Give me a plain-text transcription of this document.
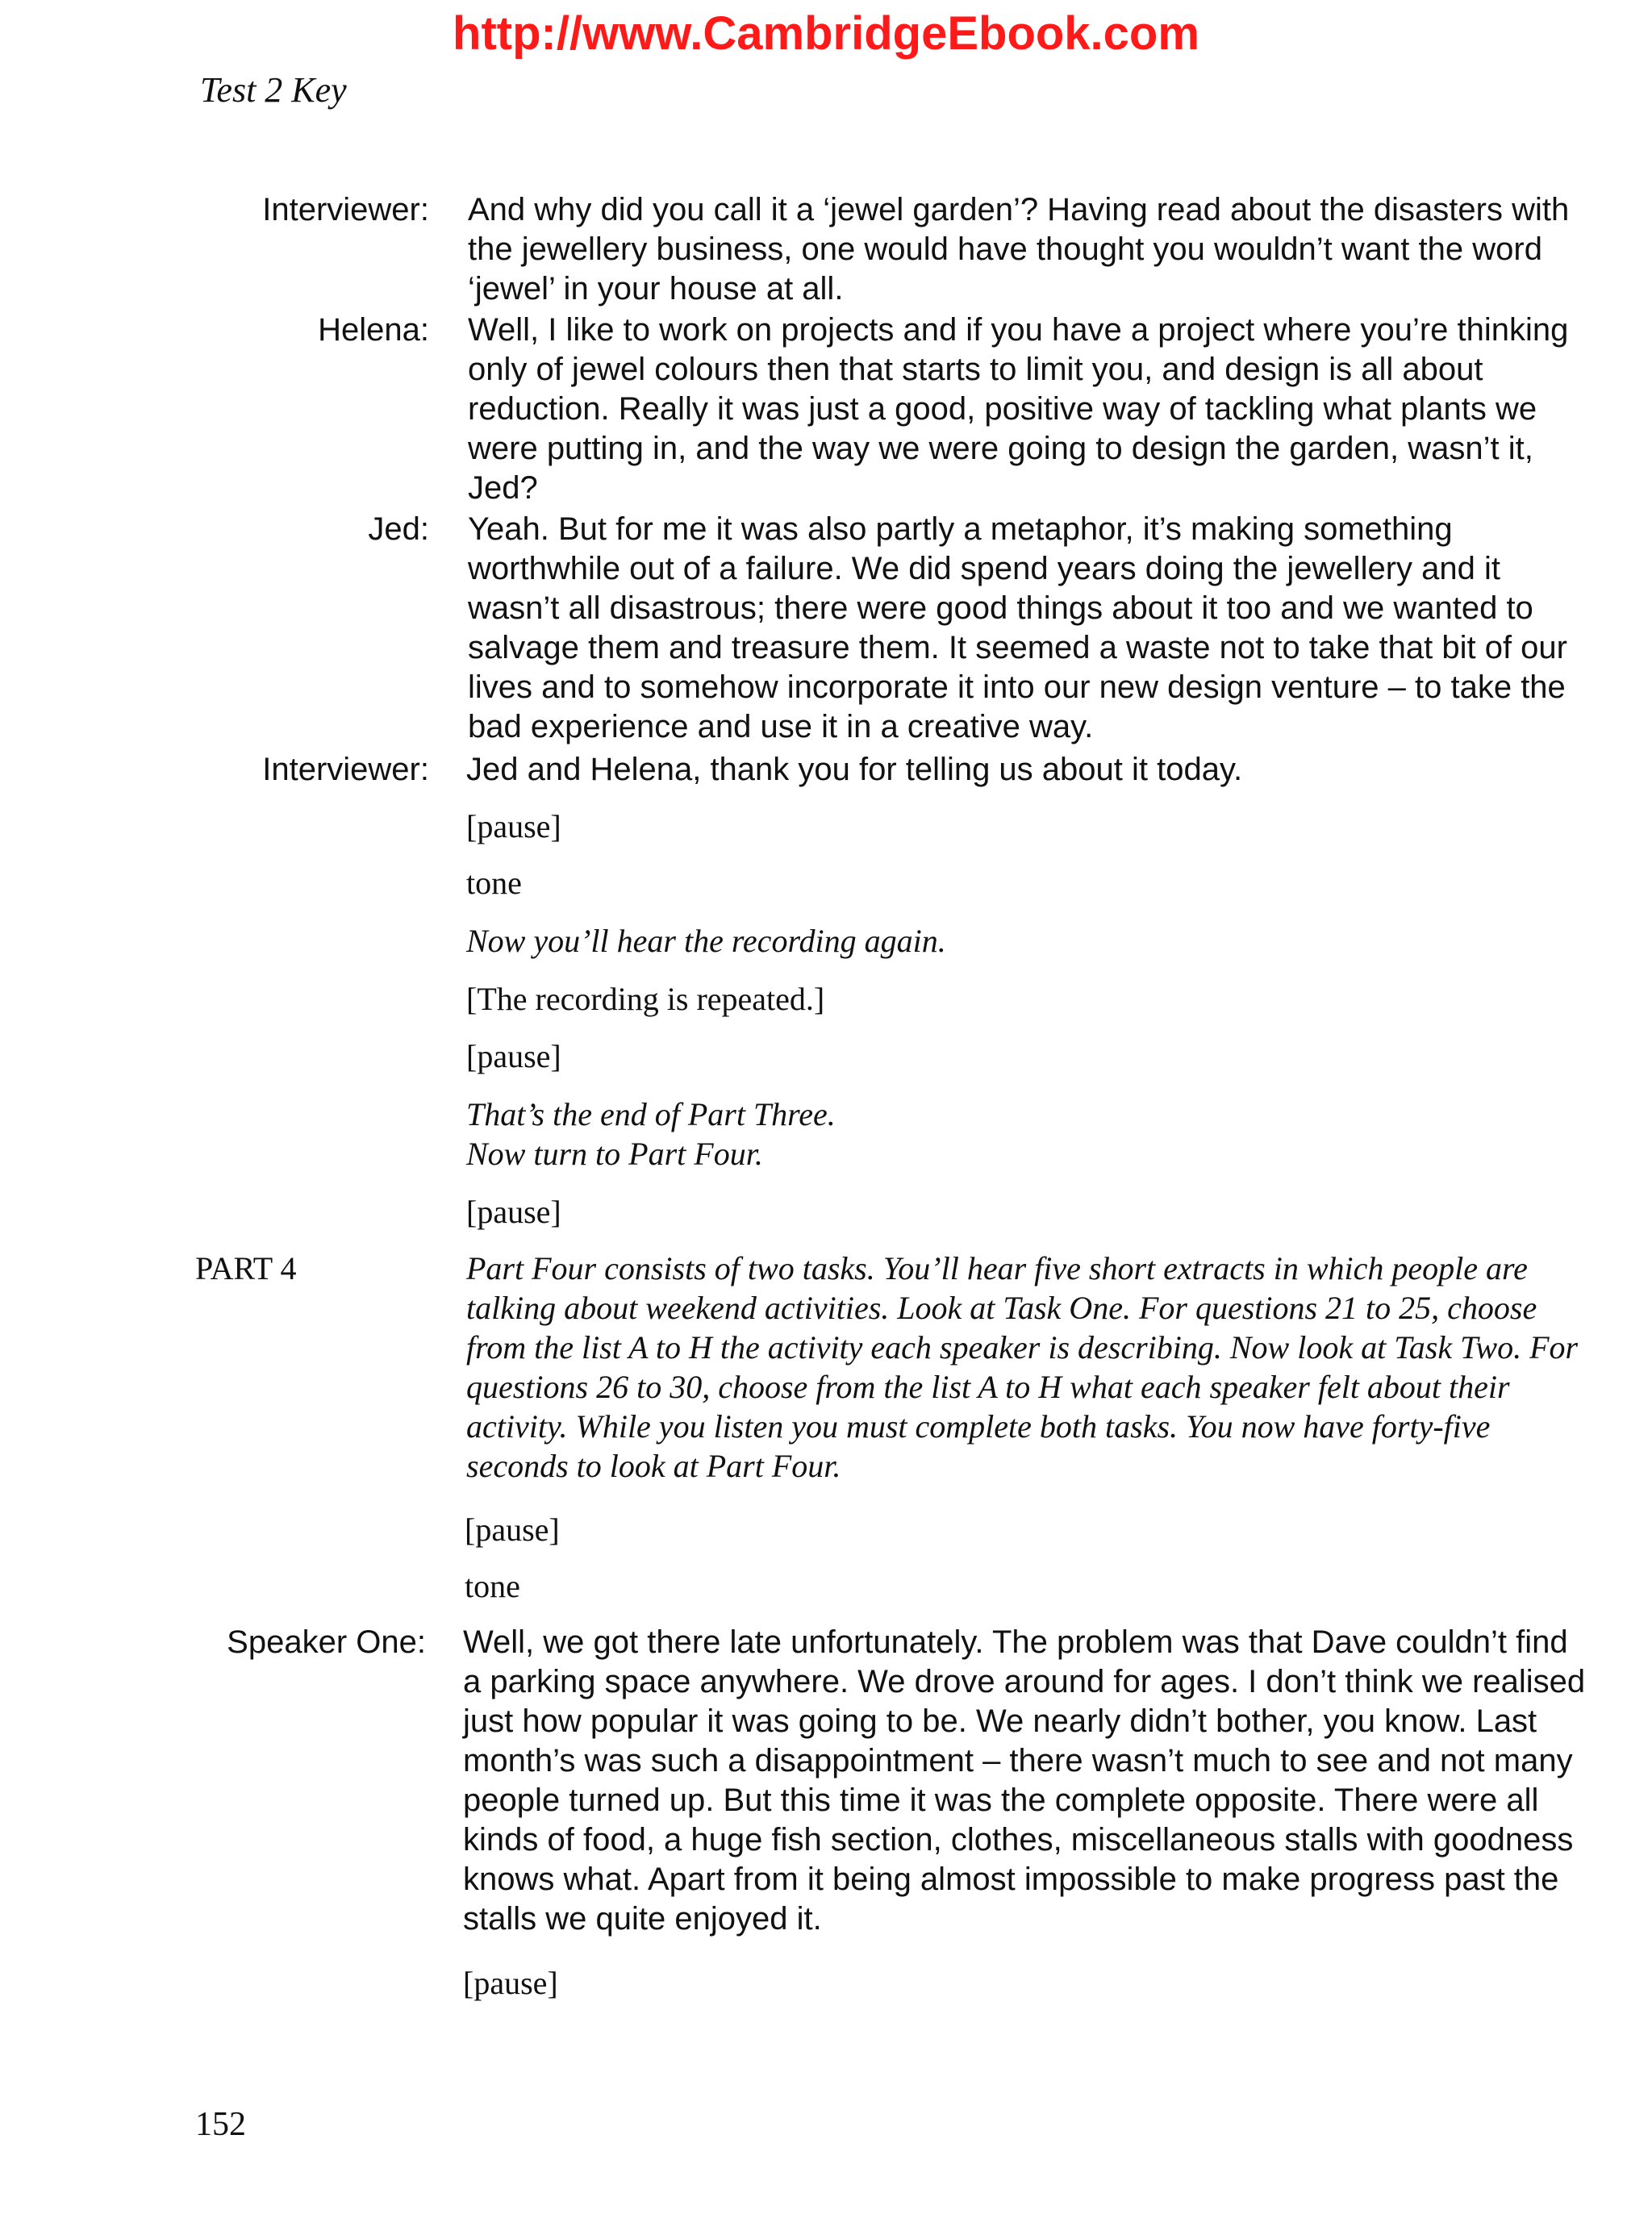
http://www.CambridgeEbook.com
Test 2 Key
Interviewer: And why did you call it a ‘jewel garden’? Having read about the disasters with the jewellery business, one would have thought you wouldn’t want the word ‘jewel’ in your house at all.
Helena: Well, I like to work on projects and if you have a project where you’re thinking only of jewel colours then that starts to limit you, and design is all about reduction. Really it was just a good, positive way of tackling what plants we were putting in, and the way we were going to design the garden, wasn’t it, Jed?
Jed: Yeah. But for me it was also partly a metaphor, it’s making something worthwhile out of a failure. We did spend years doing the jewellery and it wasn’t all disastrous; there were good things about it too and we wanted to salvage them and treasure them. It seemed a waste not to take that bit of our lives and to somehow incorporate it into our new design venture – to take the bad experience and use it in a creative way.
Interviewer: Jed and Helena, thank you for telling us about it today.
[pause]
tone
Now you’ll hear the recording again.
[The recording is repeated.]
[pause]
That’s the end of Part Three.
Now turn to Part Four.
[pause]
PART 4	Part Four consists of two tasks. You’ll hear five short extracts in which people are talking about weekend activities. Look at Task One. For questions 21 to 25, choose from the list A to H the activity each speaker is describing. Now look at Task Two. For questions 26 to 30, choose from the list A to H what each speaker felt about their activity. While you listen you must complete both tasks. You now have forty-five seconds to look at Part Four.
[pause]
tone
Speaker One: Well, we got there late unfortunately. The problem was that Dave couldn’t find a parking space anywhere. We drove around for ages. I don’t think we realised just how popular it was going to be. We nearly didn’t bother, you know. Last month’s was such a disappointment – there wasn’t much to see and not many people turned up. But this time it was the complete opposite. There were all kinds of food, a huge fish section, clothes, miscellaneous stalls with goodness knows what. Apart from it being almost impossible to make progress past the stalls we quite enjoyed it.
[pause]
152
